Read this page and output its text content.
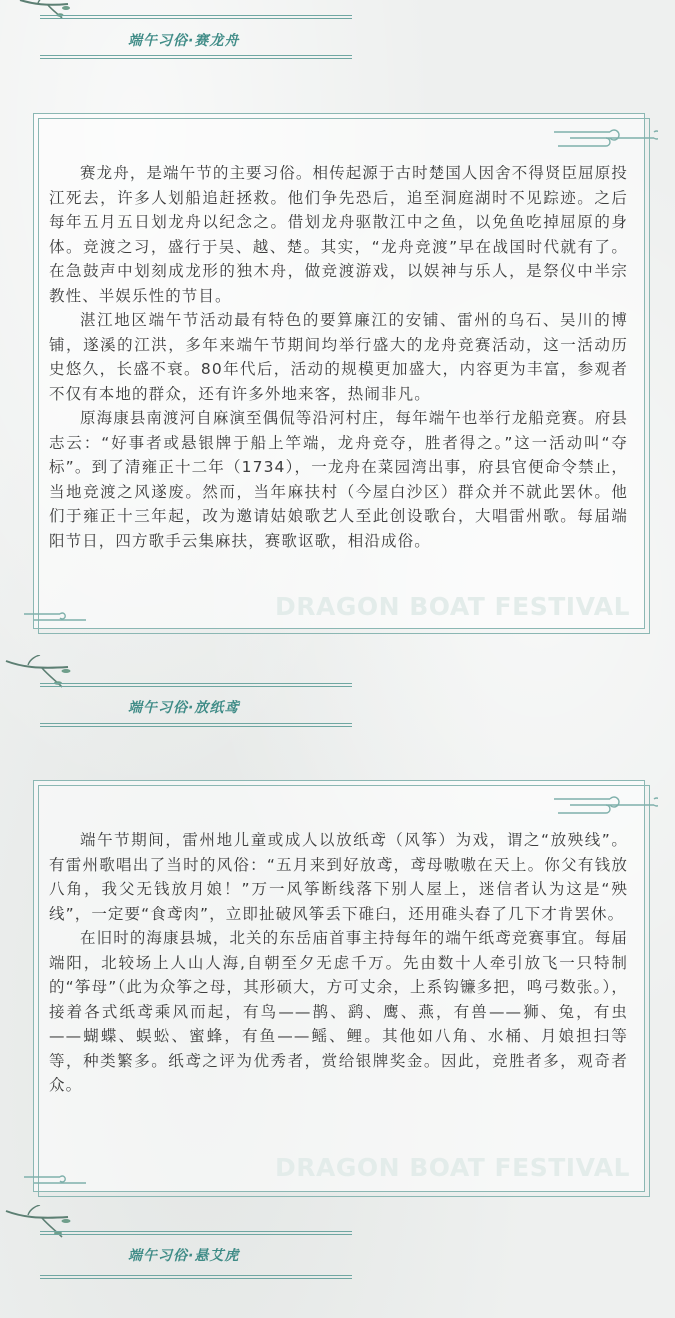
端午习俗·赛龙舟

赛龙舟，是端午节的主要习俗。相传起源于古时楚国人因舍不得贤臣屈原投江死去，许多人划船追赶拯救。他们争先恐后，追至洞庭湖时不见踪迹。之后每年五月五日划龙舟以纪念之。借划龙舟驱散江中之鱼，以免鱼吃掉屈原的身体。竞渡之习，盛行于吴、越、楚。其实，“龙舟竞渡”早在战国时代就有了。在急鼓声中划刻成龙形的独木舟，做竞渡游戏，以娱神与乐人，是祭仪中半宗教性、半娱乐性的节目。

湛江地区端午节活动最有特色的要算廉江的安铺、雷州的乌石、吴川的博铺，遂溪的江洪，多年来端午节期间均举行盛大的龙舟竞赛活动，这一活动历史悠久，长盛不衰。80年代后，活动的规模更加盛大，内容更为丰富，参观者不仅有本地的群众，还有许多外地来客，热闹非凡。

原海康县南渡河自麻演至偶侃等沿河村庄，每年端午也举行龙船竞赛。府县志云：“好事者或悬银牌于船上竿端，龙舟竞夺，胜者得之。”这一活动叫“夺标”。到了清雍正十二年（1734），一龙舟在菜园湾出事，府县官便命令禁止，当地竞渡之风遂废。然而，当年麻扶村（今屋白沙区）群众并不就此罢休。他们于雍正十三年起，改为邀请姑娘歌艺人至此创设歌台，大唱雷州歌。每届端阳节日，四方歌手云集麻扶，赛歌讴歌，相沿成俗。

DRAGON BOAT FESTIVAL
端午习俗·放纸鸢

端午节期间，雷州地儿童或成人以放纸鸢（风筝）为戏，谓之“放殃线”。有雷州歌唱出了当时的风俗：“五月来到好放鸢，鸢母嗷嗷在天上。你父有钱放八角，我父无钱放月娘！”万一风筝断线落下别人屋上，迷信者认为这是“殃线”，一定要“食鸢肉”，立即扯破风筝丢下碓臼，还用碓头舂了几下才肯罢休。

在旧时的海康县城，北关的东岳庙首事主持每年的端午纸鸢竞赛事宜。每届端阳，北较场上人山人海,自朝至夕无虑千万。先由数十人牵引放飞一只特制的“筝母”（此为众筝之母，其形硕大，方可丈余，上系钩镰多把，鸣弓数张。），接着各式纸鸢乘风而起，有鸟——鹊、鹞、鹰、燕，有兽——狮、兔，有虫——蝴蝶、蜈蚣、蜜蜂，有鱼——鳐、鲤。其他如八角、水桶、月娘担扫等等，种类繁多。纸鸢之评为优秀者，赏给银牌奖金。因此，竞胜者多，观奇者众。

DRAGON BOAT FESTIVAL
端午习俗·悬艾虎
